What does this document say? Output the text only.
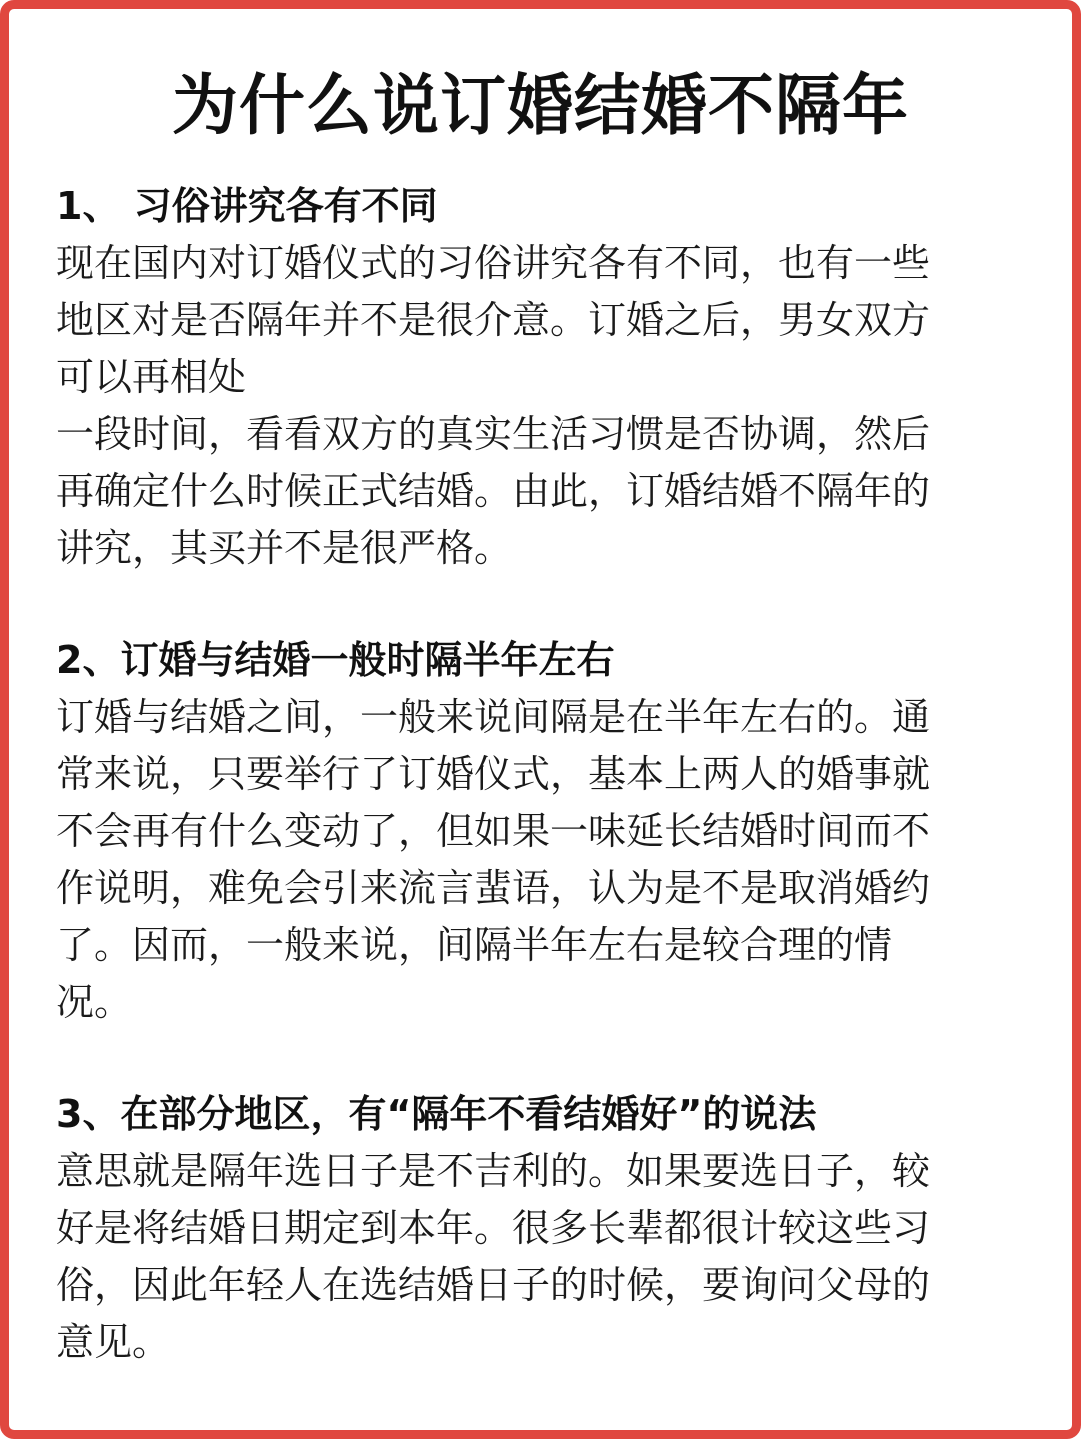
为什么说订婚结婚不隔年
1、 习俗讲究各有不同
现在国内对订婚仪式的习俗讲究各有不同，也有一些
地区对是否隔年并不是很介意。订婚之后，男女双方
可以再相处
一段时间，看看双方的真实生活习惯是否协调，然后
再确定什么时候正式结婚。由此，订婚结婚不隔年的
讲究，其买并不是很严格。
2、订婚与结婚一般时隔半年左右
订婚与结婚之间，一般来说间隔是在半年左右的。通
常来说，只要举行了订婚仪式，基本上两人的婚事就
不会再有什么变动了，但如果一味延长结婚时间而不
作说明，难免会引来流言蜚语，认为是不是取消婚约
了。因而，一般来说，间隔半年左右是较合理的情
况。
3、在部分地区，有“隔年不看结婚好”的说法
意思就是隔年选日子是不吉利的。如果要选日子，较
好是将结婚日期定到本年。很多长辈都很计较这些习
俗，因此年轻人在选结婚日子的时候，要询问父母的
意见。
